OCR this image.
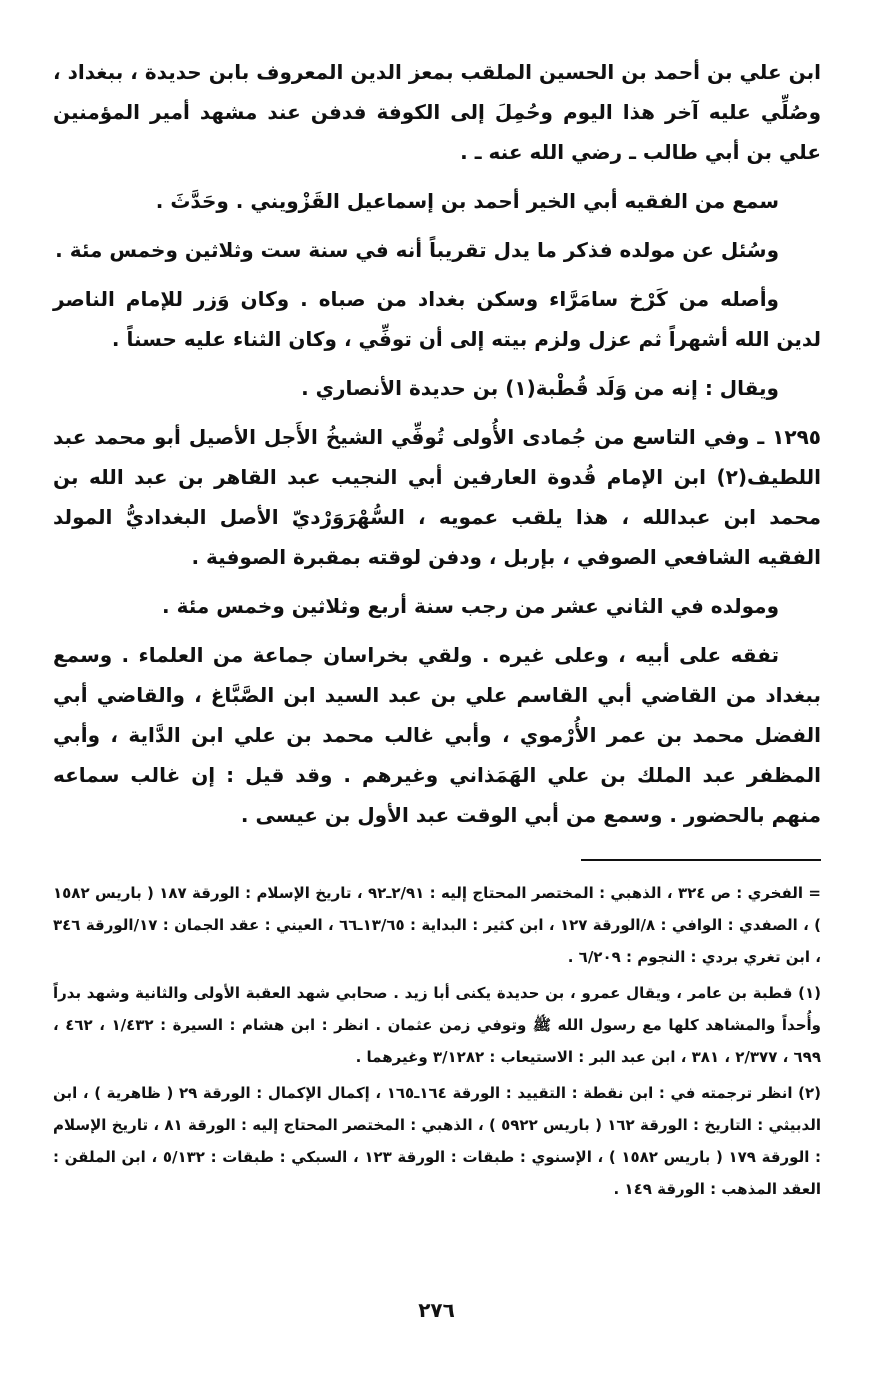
ابن علي بن أحمد بن الحسين الملقب بمعز الدين المعروف بابن حديدة ، ببغداد ، وصُلِّي عليه آخر هذا اليوم وحُمِلَ إلى الكوفة فدفن عند مشهد أمير المؤمنين علي بن أبي طالب ـ رضي الله عنه ـ .

سمع من الفقيه أبي الخير أحمد بن إسماعيل القَزْويني . وحَدَّثَ .

وسُئل عن مولده فذكر ما يدل تقريباً أنه في سنة ست وثلاثين وخمس مئة .

وأصله من كَرْخ سامَرَّاء وسكن بغداد من صباه . وكان وَزر للإمام الناصر لدين الله أشهراً ثم عزل ولزم بيته إلى أن توفِّي ، وكان الثناء عليه حسناً .

ويقال : إنه من وَلَد قُطْبة(١) بن حديدة الأنصاري .

١٢٩٥ ـ وفي التاسع من جُمادى الأُولى تُوفِّي الشيخُ الأَجل الأصيل أبو محمد عبد اللطيف(٢) ابن الإمام قُدوة العارفين أبي النجيب عبد القاهر بن عبد الله بن محمد ابن عبدالله ، هذا يلقب عمويه ، السُّهْرَوَرْديّ الأصل البغداديُّ المولد الفقيه الشافعي الصوفي ، بإربل ، ودفن لوقته بمقبرة الصوفية .

ومولده في الثاني عشر من رجب سنة أربع وثلاثين وخمس مئة .

تفقه على أبيه ، وعلى غيره . ولقي بخراسان جماعة من العلماء . وسمع ببغداد من القاضي أبي القاسم علي بن عبد السيد ابن الصَّبَّاغ ، والقاضي أبي الفضل محمد بن عمر الأُرْموي ، وأبي غالب محمد بن علي ابن الدَّاية ، وأبي المظفر عبد الملك بن علي الهَمَذاني وغيرهم . وقد قيل : إن غالب سماعه منهم بالحضور . وسمع من أبي الوقت عبد الأول بن عيسى .

= الفخري : ص ٣٢٤ ، الذهبي : المختصر المحتاج إليه : ٢/٩١ـ٩٢ ، تاريخ الإسلام : الورقة ١٨٧ ( باريس ١٥٨٢ ) ، الصفدي : الوافي : ٨/الورقة ١٢٧ ، ابن كثير : البداية : ١٣/٦٥ـ٦٦ ، العيني : عقد الجمان : ١٧/الورقة ٣٤٦ ، ابن تغري بردي : النجوم : ٦/٢٠٩ .

(١) قطبة بن عامر ، ويقال عمرو ، بن حديدة يكنى أبا زيد . صحابي شهد العقبة الأولى والثانية وشهد بدراً وأُحداً والمشاهد كلها مع رسول الله ﷺ وتوفي زمن عثمان . انظر : ابن هشام : السيرة : ١/٤٣٢ ، ٤٦٢ ، ٦٩٩ ، ٢/٣٧٧ ، ٣٨١ ، ابن عبد البر : الاستيعاب : ٣/١٢٨٢ وغيرهما .

(٢) انظر ترجمته في : ابن نقطة : التقييد : الورقة ١٦٤ـ١٦٥ ، إكمال الإكمال : الورقة ٢٩ ( ظاهرية ) ، ابن الدبيثي : التاريخ : الورقة ١٦٢ ( باريس ٥٩٢٢ ) ، الذهبي : المختصر المحتاج إليه : الورقة ٨١ ، تاريخ الإسلام : الورقة ١٧٩ ( باريس ١٥٨٢ ) ، الإسنوي : طبقات : الورقة ١٢٣ ، السبكي : طبقات : ٥/١٣٢ ، ابن الملقن : العقد المذهب : الورقة ١٤٩ .

٢٧٦
